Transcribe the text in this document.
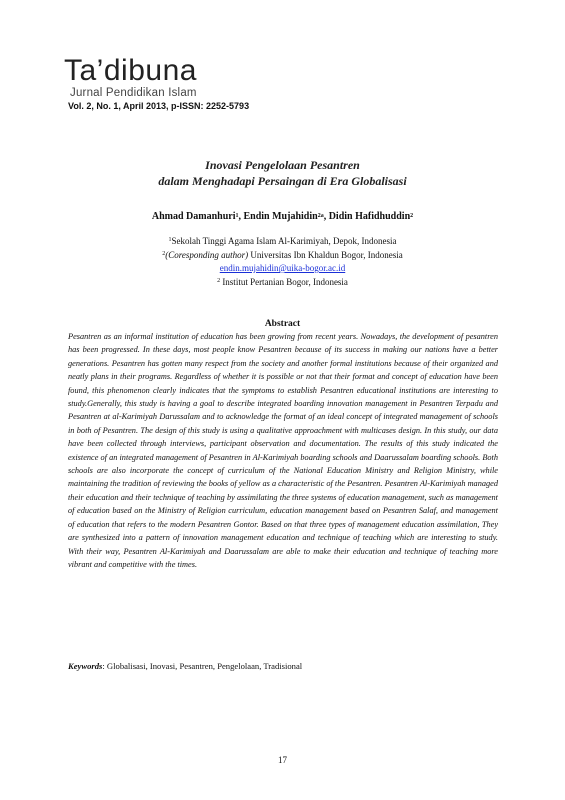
Ta’dibuna
Jurnal Pendidikan Islam
Vol. 2, No. 1, April 2013, p-ISSN: 2252-5793
Inovasi Pengelolaan Pesantren
dalam Menghadapi Persaingan di Era Globalisasi
Ahmad Damanhuri$^1$, Endin Mujahidin$^{2a}$, Didin Hafidhuddin$^2$
$^1$Sekolah Tinggi Agama Islam Al-Karimiyah, Depok, Indonesia
$^2$(Coresponding author) Universitas Ibn Khaldun Bogor, Indonesia
endin.mujahidin@uika-bogor.ac.id
$^2$ Institut Pertanian Bogor, Indonesia
Abstract
Pesantren as an informal institution of education has been growing from recent years. Nowadays, the development of pesantren has been progressed. In these days, most people know Pesantren because of its success in making our nations have a better generations. Pesantren has gotten many respect from the society and another formal institutions because of their organized and neatly plans in their programs. Regardless of whether it is possible or not that their format and concept of education have been found, this phenomenon clearly indicates that the symptoms to establish Pesantren educational institutions are interesting to study.Generally, this study is having a goal to describe integrated boarding innovation management in Pesantren Terpadu and Pesantren at al-Karimiyah Darussalam and to acknowledge the format of an ideal concept of integrated management of schools in both of Pesantren. The design of this study is using a qualitative approachment with multicases design. In this study, our data have been collected through interviews, participant observation and documentation. The results of this study indicated the existence of an integrated management of Pesantren in Al-Karimiyah boarding schools and Daarussalam boarding schools. Both schools are also incorporate the concept of curriculum of the National Education Ministry and Religion Ministry, while maintaining the tradition of reviewing the books of yellow as a characteristic of the Pesantren. Pesantren Al-Karimiyah managed their education and their technique of teaching by assimilating the three systems of education management, such as management of education based on the Ministry of Religion curriculum, education management based on Pesantren Salaf, and management of education that refers to the modern Pesantren Gontor. Based on that three types of management education assimilation, They are synthesized into a pattern of innovation management education and technique of teaching which are interesting to study. With their way, Pesantren Al-Karimiyah and Daarussalam are able to make their education and technique of teaching more vibrant and competitive with the times.
Keywords: Globalisasi, Inovasi, Pesantren, Pengelolaan, Tradisional
17
